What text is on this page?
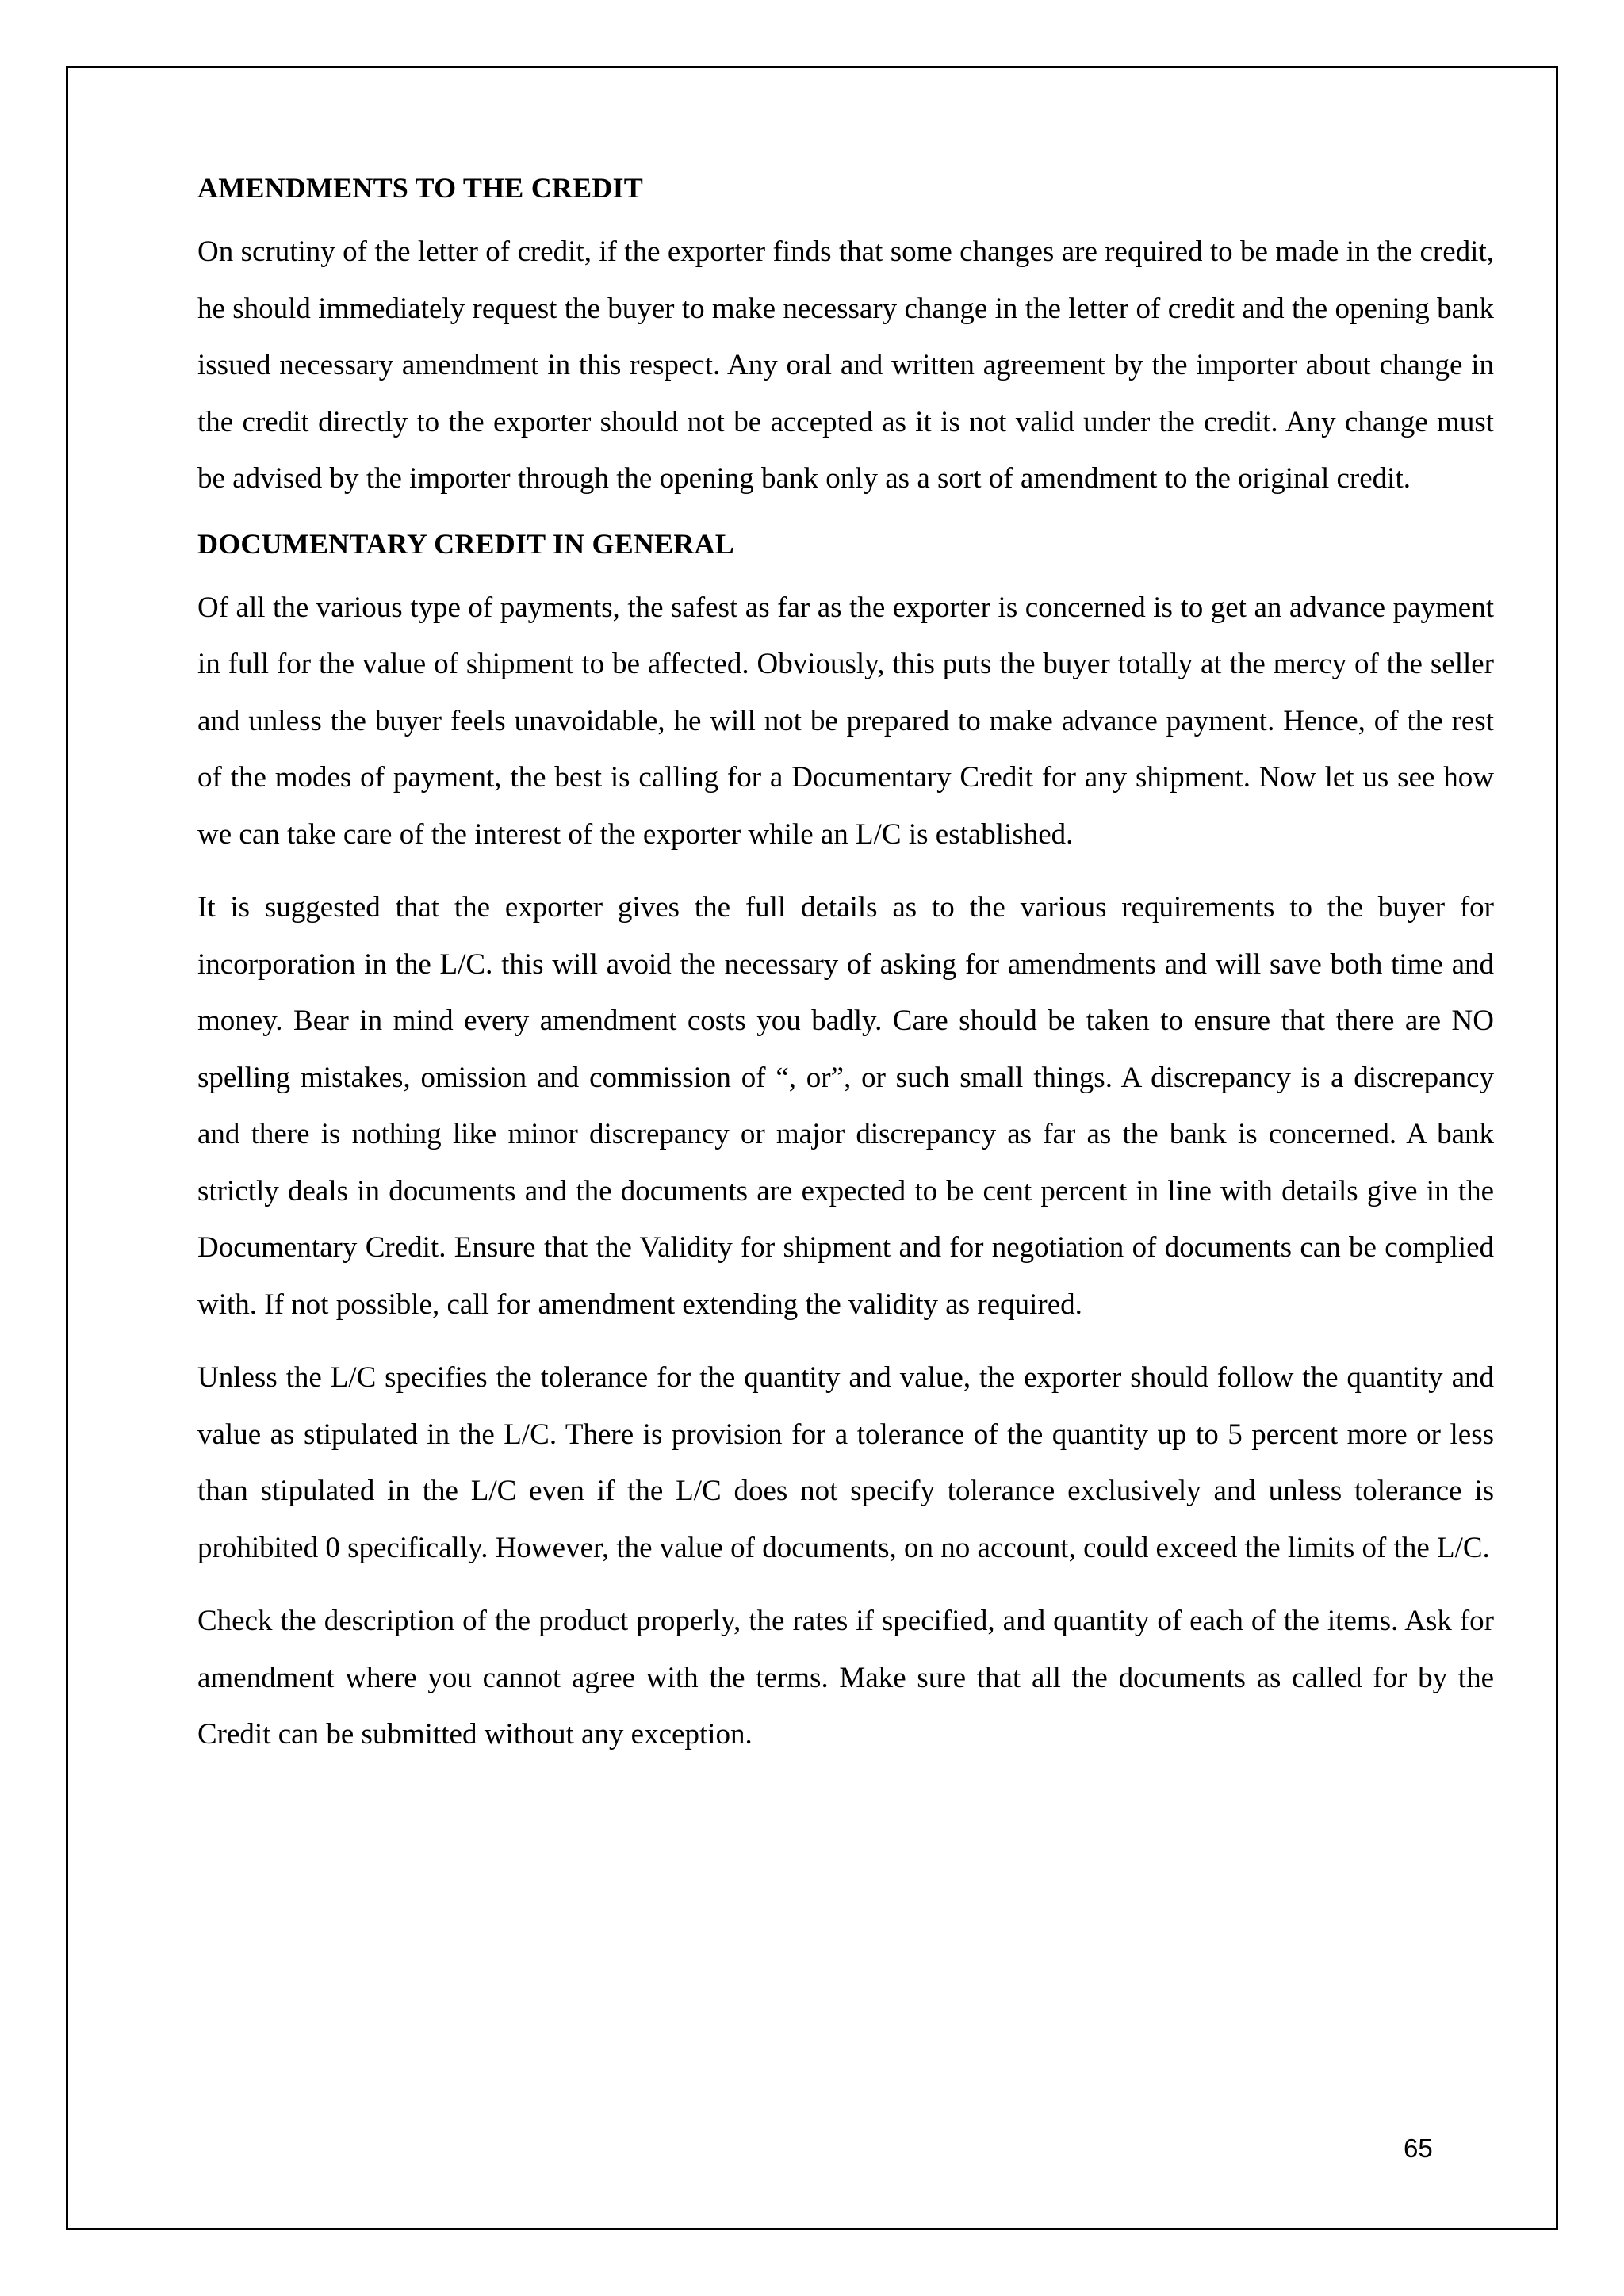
AMENDMENTS TO THE CREDIT

On scrutiny of the letter of credit, if the exporter finds that some changes are required to be made in the credit, he should immediately request the buyer to make necessary change in the letter of credit and the opening bank issued necessary amendment in this respect. Any oral and written agreement by the importer about change in the credit directly to the exporter should not be accepted as it is not valid under the credit. Any change must be advised by the importer through the opening bank only as a sort of amendment to the original credit.

DOCUMENTARY CREDIT IN GENERAL

Of all the various type of payments, the safest as far as the exporter is concerned is to get an advance payment in full for the value of shipment to be affected. Obviously, this puts the buyer totally at the mercy of the seller and unless the buyer feels unavoidable, he will not be prepared to make advance payment. Hence, of the rest of the modes of payment, the best is calling for a Documentary Credit for any shipment. Now let us see how we can take care of the interest of the exporter while an L/C is established.

It is suggested that the exporter gives the full details as to the various requirements to the buyer for incorporation in the L/C. this will avoid the necessary of asking for amendments and will save both time and money. Bear in mind every amendment costs you badly. Care should be taken to ensure that there are NO spelling mistakes, omission and commission of “, or”, or such small things. A discrepancy is a discrepancy and there is nothing like minor discrepancy or major discrepancy as far as the bank is concerned. A bank strictly deals in documents and the documents are expected to be cent percent in line with details give in the Documentary Credit. Ensure that the Validity for shipment and for negotiation of documents can be complied with. If not possible, call for amendment extending the validity as required.

Unless the L/C specifies the tolerance for the quantity and value, the exporter should follow the quantity and value as stipulated in the L/C. There is provision for a tolerance of the quantity up to 5 percent more or less than stipulated in the L/C even if the L/C does not specify tolerance exclusively and unless tolerance is prohibited 0 specifically. However, the value of documents, on no account, could exceed the limits of the L/C.

Check the description of the product properly, the rates if specified, and quantity of each of the items. Ask for amendment where you cannot agree with the terms. Make sure that all the documents as called for by the Credit can be submitted without any exception.

65
